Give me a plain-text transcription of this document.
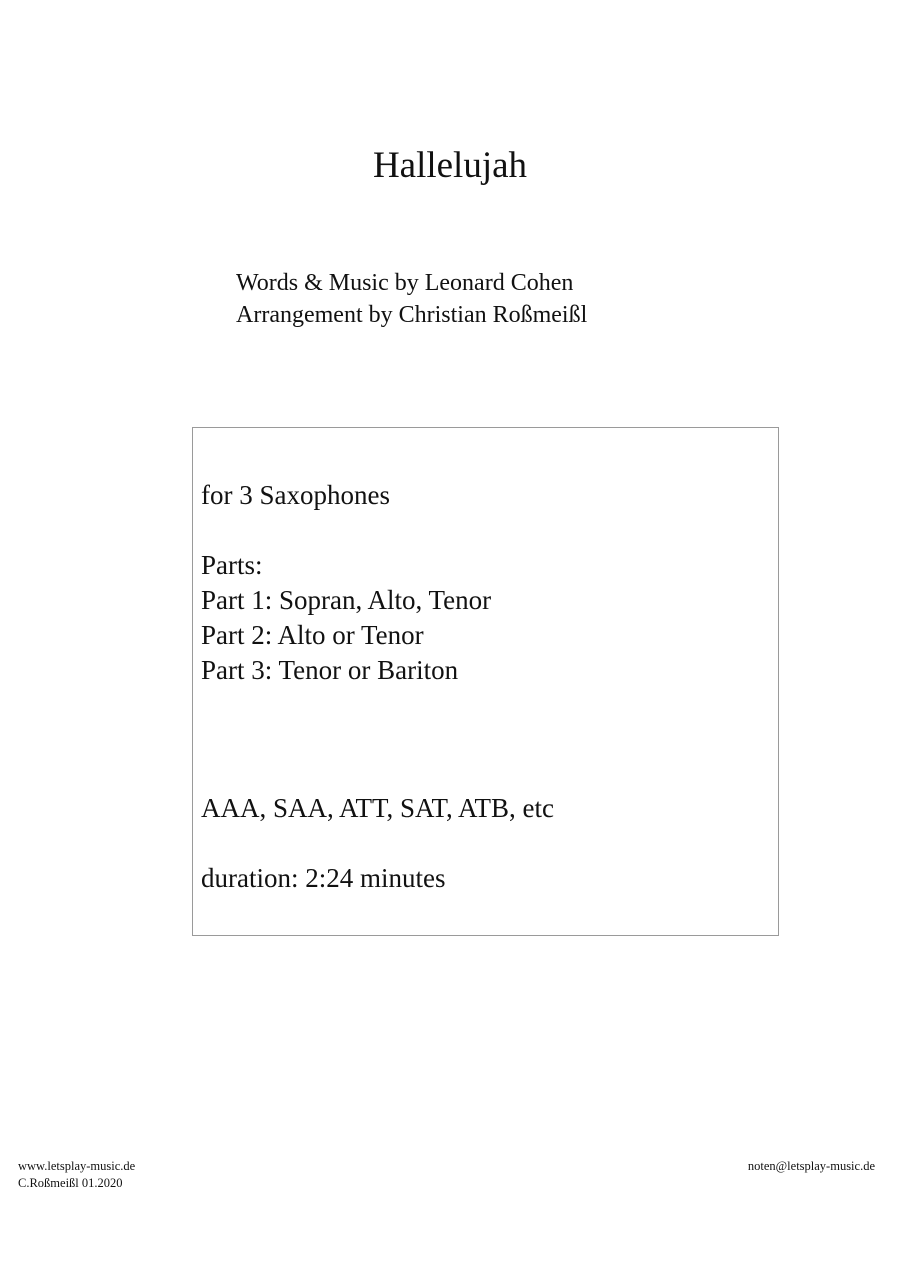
Hallelujah
Words & Music by Leonard Cohen
Arrangement by Christian Roßmeißl
for 3 Saxophones
Parts:
Part 1: Sopran, Alto, Tenor
Part 2: Alto or Tenor
Part 3: Tenor or Bariton
AAA, SAA, ATT, SAT, ATB, etc
duration: 2:24 minutes
www.letsplay-music.de
C.Roßmeißl 01.2020
noten@letsplay-music.de
